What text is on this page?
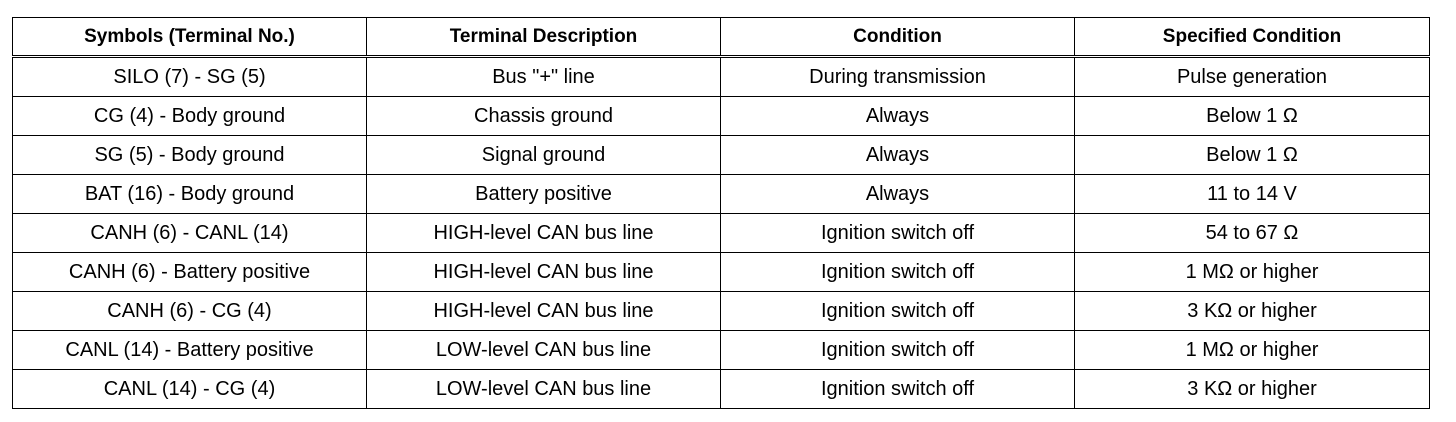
Symbols (Terminal No.)	Terminal Description	Condition	Specified Condition
SILO (7) - SG (5)	Bus "+" line	During transmission	Pulse generation
CG (4) - Body ground	Chassis ground	Always	Below 1 Ω
SG (5) - Body ground	Signal ground	Always	Below 1 Ω
BAT (16) - Body ground	Battery positive	Always	11 to 14 V
CANH (6) - CANL (14)	HIGH-level CAN bus line	Ignition switch off	54 to 67 Ω
CANH (6) - Battery positive	HIGH-level CAN bus line	Ignition switch off	1 MΩ or higher
CANH (6) - CG (4)	HIGH-level CAN bus line	Ignition switch off	3 KΩ or higher
CANL (14) - Battery positive	LOW-level CAN bus line	Ignition switch off	1 MΩ or higher
CANL (14) - CG (4)	LOW-level CAN bus line	Ignition switch off	3 KΩ or higher
